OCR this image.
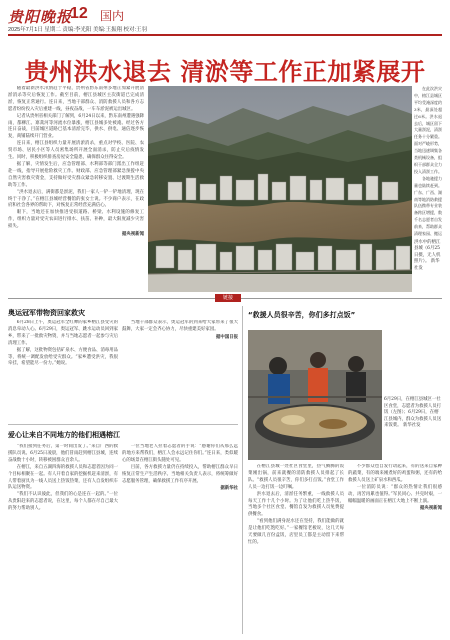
贵阳晚报
12 国内
2025年7月1日 星期二 责编:李光阳 美编:王振翔 校对:王羽
贵州洪水退去 清淤等工作正加紧展开

随着最新洪水汛情趋于平稳，贵州省黔东南州多地正加紧开展清淤消杀等灾后恢复工作。截至目前，榕江县城区主次街道已完成清淤，恢复正常通行。连日来，当地干部群众、消防救援人员和各方志愿者纷纷投入灾后重建一线，昼夜奋战，一车车淤泥被运出城区。

记者从贵州省相关部门了解到，6月24日以来，黔东南州遭遇强降雨，都柳江、寨蒿河等河流水位暴涨，榕江县城多处被淹。经过各方连日奋战，目前城区道路已基本清淤完毕，供水、供电、通信逐步恢复，商铺陆续开门营业。

连日来，榕江县组织力量开展清淤消杀，重点对学校、医院、农贸市场、居民小区等人员密集场所开展全面消杀，防止灾后疫情发生。同时，积极组织排查房屋安全隐患，确保群众住得安全。

据了解，灾情发生后，应急管理部、水利部等部门派出工作组赶赴一线，指导开展抢险救灾工作。财政部、应急管理部紧急预拨中央自然灾害救灾资金，支持做好受灾群众紧急转移安置、过渡期生活救助等工作。

“洪水退去后，满街都是淤泥，我们一家人一铲一铲地清理，现在终于干净了。”在榕江县城经营餐馆的张女士说。不少商户表示，在政府和社会各界的帮助下，对恢复正常经营充满信心。

眼下，当地还在加快推进受损道路、桥梁、水利设施的修复工作，组织力量对受灾农田进行排水、扶苗、补种，最大限度减少灾害损失。

据央视新闻
洪水中的榕江县城（6月25日摄，无人机照片）。 新华社发

在此次洪灾中，榕江县城区平均受淹深度约3米，最深处超过6米。洪水退去后，城区留下大量淤泥，清淤任务十分繁重。面对严峻形势，当地迅速调集各类机械设备，组织干部群众全力投入清淤工作。

各地驰援力量也陆续赶到。广东、广西、湖南等地消防救援队伍携带专业装备跨区增援，数千名志愿者自发前来，帮助群众清理家园、搬运

链接
奥运冠军带物资回家救灾

6月28日上午，奥运冠军全红婵的家乡榕江县受灾的消息牵动人心。6月29日，奥运冠军、跳水运动员回到家乡，带来了一批救灾物资，并与当地志愿者一起参与灾后清理工作。

据了解，这批物资包括矿泉水、方便食品、消毒用品等，将统一调配发放给受灾群众。“家乡遭受洪灾，我很牵挂，希望能尽一份力。”她说。

当地干部群众表示，奥运冠军的到来给大家带来了很大鼓舞，大家一定会齐心协力，尽快重建美好家园。

据中国日报
爱心让来自不同地方的他们相遇榕江

“我们接到任务后，第一时间出发了。”来自广西的救援队员说。6月25日凌晨，他们冒雨赶到榕江县城，连续奋战数十小时，转移被困群众百余人。

在榕江，来自五湖四海的救援人员和志愿者因为同一个目标相聚在一起。有人开着自家的挖掘机赶来清淤，有人带着厨具为一线人员送上热饭热菜，还有人自发组织车队运送物资。

“我们不认识彼此，但我们的心是连在一起的。”一位从贵阳赶来的志愿者说，在这里，每个人都在尽自己最大的努力帮助别人。

一位当地老人拉着志愿者的手说：“感谢你们从那么远的地方来帮我们，榕江人会永远记住你们。”连日来，类似暖心的场景在榕江街头随处可见。

目前，各方救援力量仍在持续投入，帮助榕江群众早日恢复正常生产生活秩序。当地相关负责人表示，将统筹做好志愿服务管理，确保救援工作有序开展。

据新华社
“救援人员很辛苦，你们多打点饭”
6月29日，在榕江县城区一社区食堂，志愿者为救援人员打饭（左图）；6月29日，在榕江县城内，群众为救援人员送来饭菜。 新华社发

在榕江县城一处社区食堂里，热气腾腾的饭菜刚出锅，前来就餐的消防救援人员排起了长队。“救援人员很辛苦，你们多打点饭。”食堂工作人员一边打饭一边叮嘱。

洪水退去后，清淤任务繁重，一线救援人员每天工作十几个小时。为了让他们吃上热乎饭，当地多个社区食堂、餐馆自发为救援人员免费提供餐食。

“看到他们满身泥水还在坚持，我们能做的就是让他们吃饱吃好。”一家餐馆老板说，这几天每天要做几百份盒饭，店里员工都是主动留下来帮忙的。

不少群众也自发行动起来，有的送来自家种的蔬菜，有的端来刚煮好的鸡蛋和粥，还有的给救援人员送上矿泉水和西瓜。

一位消防员说：“群众的热情让我们很感动，再苦再累也值得。”军民同心、共克时艰，一幅幅温暖的画面正在榕江大地上不断上演。

据央视新闻
